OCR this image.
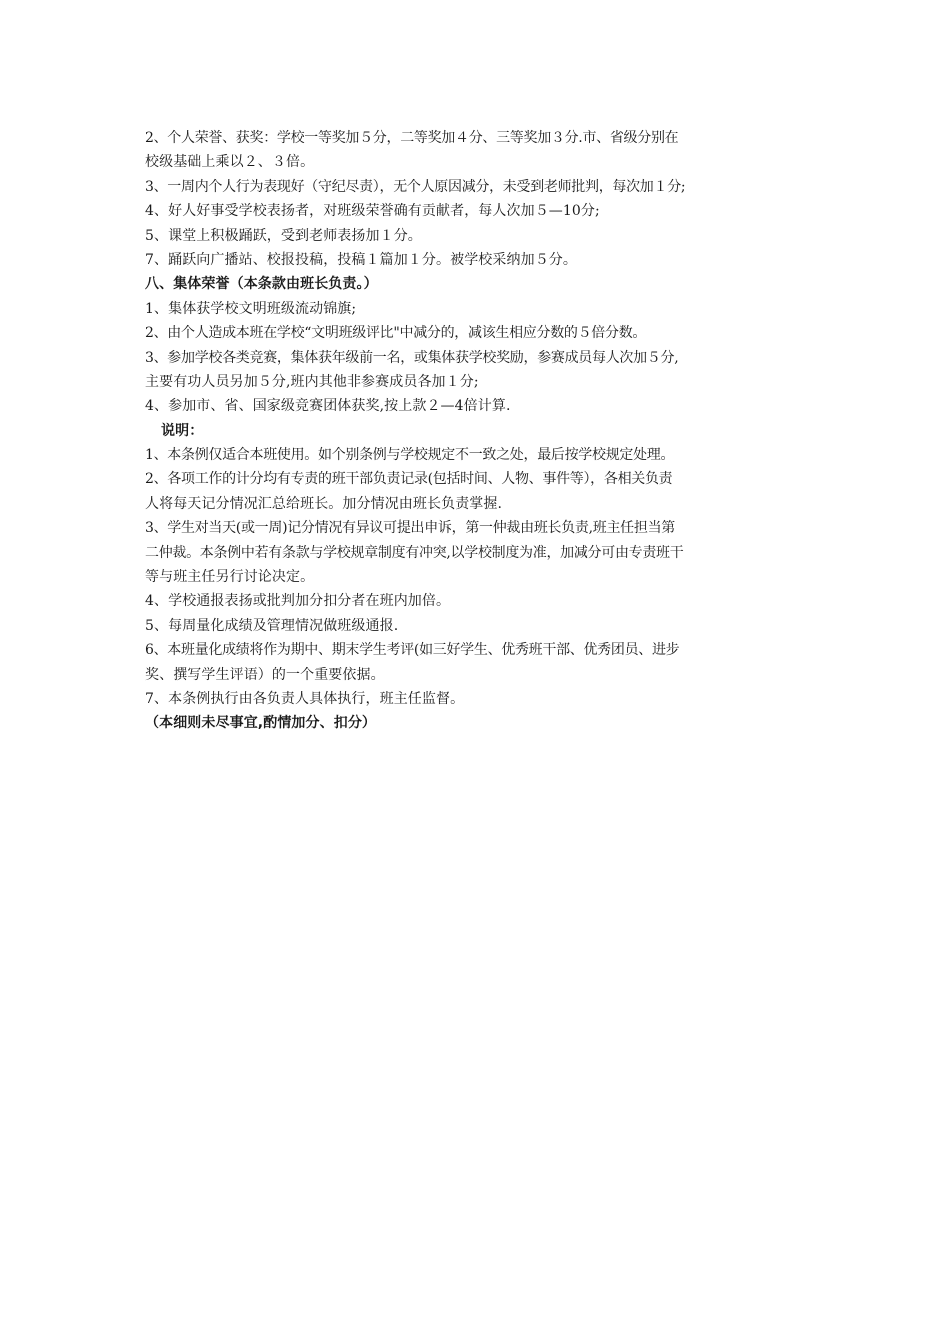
2、个人荣誉、获奖：学校一等奖加５分，二等奖加４分、三等奖加３分.市、省级分别在
校级基础上乘以２、３倍。
3、一周内个人行为表现好（守纪尽责），无个人原因减分，未受到老师批判，每次加１分;
4、好人好事受学校表扬者，对班级荣誉确有贡献者，每人次加５—10分;
5、课堂上积极踊跃，受到老师表扬加１分。
7、踊跃向广播站、校报投稿，投稿１篇加１分。被学校采纳加５分。
八、集体荣誉（本条款由班长负责。）
1、集体获学校文明班级流动锦旗;
2、由个人造成本班在学校“文明班级评比"中减分的，减该生相应分数的５倍分数。
3、参加学校各类竞赛，集体获年级前一名，或集体获学校奖励，参赛成员每人次加５分,
主要有功人员另加５分,班内其他非参赛成员各加１分;
4、参加市、省、国家级竞赛团体获奖,按上款２—4倍计算.
说明：
1、本条例仅适合本班使用。如个别条例与学校规定不一致之处，最后按学校规定处理。
2、各项工作的计分均有专责的班干部负责记录(包括时间、人物、事件等），各相关负责
人将每天记分情况汇总给班长。加分情况由班长负责掌握.
3、学生对当天(或一周)记分情况有异议可提出申诉，第一仲裁由班长负责,班主任担当第
二仲裁。本条例中若有条款与学校规章制度有冲突,以学校制度为准，加减分可由专责班干
等与班主任另行讨论决定。
4、学校通报表扬或批判加分扣分者在班内加倍。
5、每周量化成绩及管理情况做班级通报.
6、本班量化成绩将作为期中、期末学生考评(如三好学生、优秀班干部、优秀团员、进步
奖、撰写学生评语）的一个重要依据。
7、本条例执行由各负责人具体执行，班主任监督。
（本细则未尽事宜,酌情加分、扣分）
